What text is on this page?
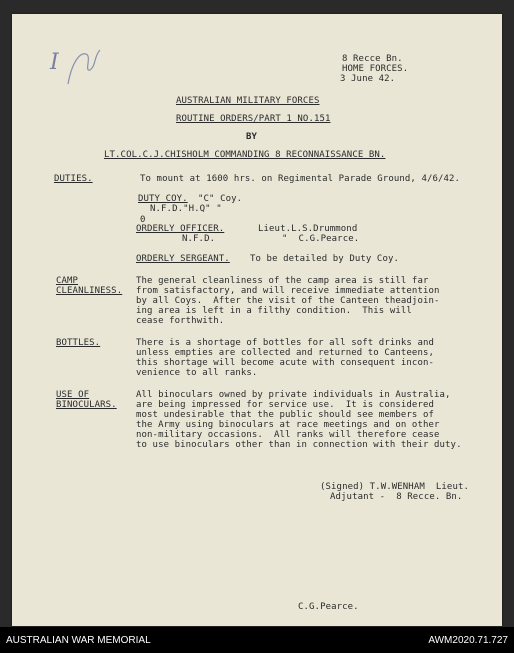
I	8 Recce Bn.
HOME FORCES.
3 June 42.
AUSTRALIAN MILITARY FORCES
ROUTINE ORDERS/PART 1 NO.151
BY
LT.COL.C.J.CHISHOLM COMMANDING 8 RECONNAISSANCE BN.
DUTIES.	To mount at 1600 hrs. on Regimental Parade Ground, 4/6/42.
DUTY COY. "C" Coy.
N.F.D."H.Q" "
0
ORDERLY OFFICER.	Lieut.L.S.Drummond
N.F.D.	"  C.G.Pearce.
ORDERLY SERGEANT. To be detailed by Duty Coy.
CAMP
CLEANLINESS.
The general cleanliness of the camp area is still far
from satisfactory, and will receive immediate attention
by all Coys.  After the visit of the Canteen theadjoin-
ing area is left in a filthy condition.  This will
cease forthwith.
BOTTLES.	There is a shortage of bottles for all soft drinks and
unless empties are collected and returned to Canteens,
this shortage will become acute with consequent incon-
venience to all ranks.
USE OF
BINOCULARS.
All binoculars owned by private individuals in Australia,
are being impressed for service use.  It is considered
most undesirable that the public should see members of
the Army using binoculars at race meetings and on other
non-military occasions.  All ranks will therefore cease
to use binoculars other than in connection with their duty.
(Signed) T.W.WENHAM  Lieut.
Adjutant -  8 Recce. Bn.
C.G.Pearce.
AUSTRALIAN WAR MEMORIAL	AWM2020.71.727
